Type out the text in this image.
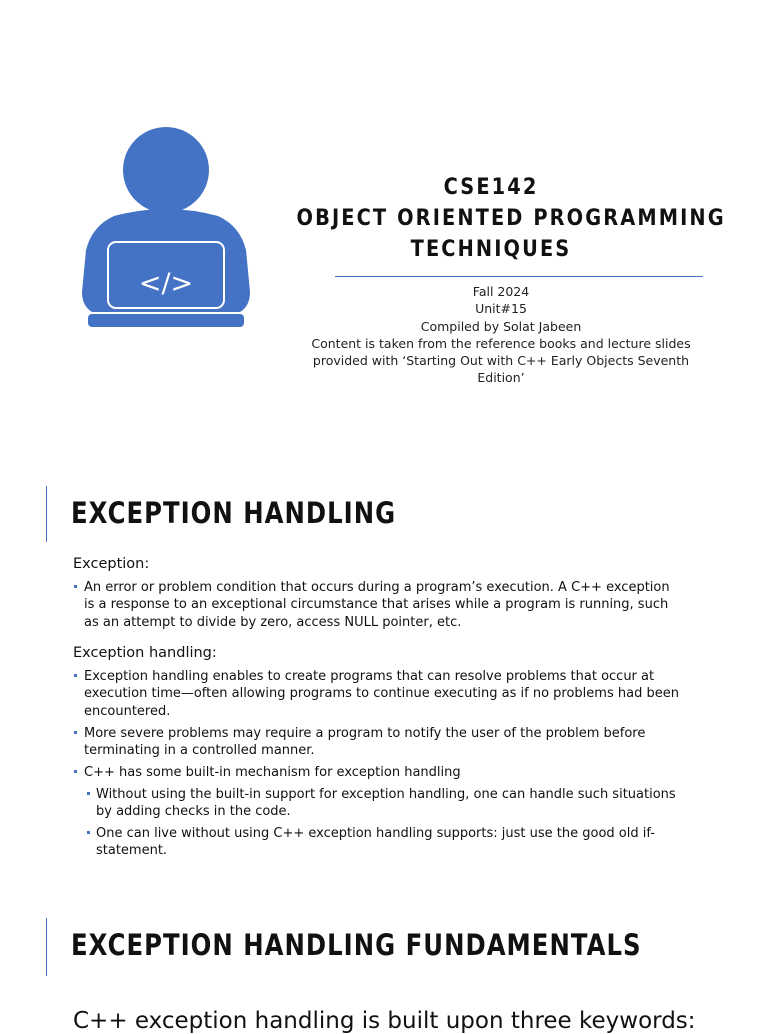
</>
CSE142
OBJECT ORIENTED PROGRAMMING
TECHNIQUES
Fall 2024
Unit#15
Compiled by Solat Jabeen
Content is taken from the reference books and lecture slides
provided with ‘Starting Out with C++ Early Objects Seventh
Edition’
EXCEPTION HANDLING
Exception:
An error or problem condition that occurs during a program’s execution. A C++ exception is a response to an exceptional circumstance that arises while a program is running, such as an attempt to divide by zero, access NULL pointer, etc.
Exception handling:
Exception handling enables to create programs that can resolve problems that occur at execution time—often allowing programs to continue executing as if no problems had been encountered.
More severe problems may require a program to notify the user of the problem before terminating in a controlled manner.
C++ has some built-in mechanism for exception handling
Without using the built-in support for exception handling, one can handle such situations by adding checks in the code.
One can live without using C++ exception handling supports: just use the good old if-statement.
EXCEPTION HANDLING FUNDAMENTALS
C++ exception handling is built upon three keywords:
